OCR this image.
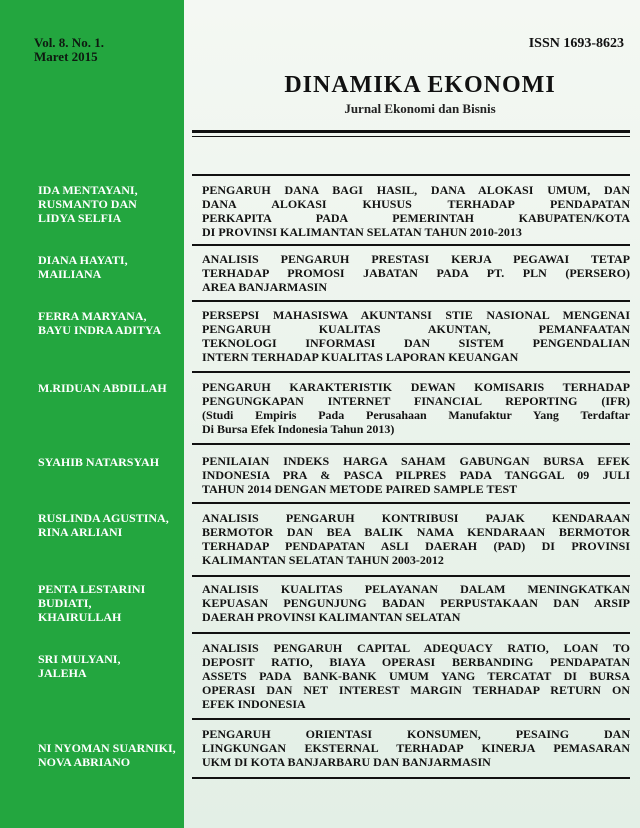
Vol. 8. No. 1.
Maret 2015
ISSN 1693-8623
DINAMIKA EKONOMI
Jurnal Ekonomi dan Bisnis
IDA MENTAYANI,
RUSMANTO DAN
LIDYA SELFIA
PENGARUH DANA BAGI HASIL, DANA ALOKASI UMUM, DAN
DANA ALOKASI KHUSUS TERHADAP PENDAPATAN
PERKAPITA PADA PEMERINTAH KABUPATEN/KOTA
DI PROVINSI KALIMANTAN SELATAN TAHUN 2010-2013
DIANA HAYATI,
MAILIANA
ANALISIS PENGARUH PRESTASI KERJA PEGAWAI TETAP
TERHADAP PROMOSI JABATAN PADA PT. PLN (PERSERO)
AREA BANJARMASIN
FERRA MARYANA,
BAYU INDRA ADITYA
PERSEPSI MAHASISWA AKUNTANSI STIE NASIONAL MENGENAI
PENGARUH KUALITAS AKUNTAN, PEMANFAATAN
TEKNOLOGI INFORMASI DAN SISTEM PENGENDALIAN
INTERN TERHADAP KUALITAS LAPORAN KEUANGAN
M.RIDUAN ABDILLAH	PENGARUH KARAKTERISTIK DEWAN KOMISARIS TERHADAP
PENGUNGKAPAN INTERNET FINANCIAL REPORTING (IFR)
(Studi Empiris Pada Perusahaan Manufaktur Yang Terdaftar
Di Bursa Efek Indonesia Tahun 2013)
SYAHIB NATARSYAH	PENILAIAN INDEKS HARGA SAHAM GABUNGAN BURSA EFEK
INDONESIA PRA & PASCA PILPRES PADA TANGGAL 09 JULI
TAHUN 2014 DENGAN METODE PAIRED SAMPLE TEST
RUSLINDA AGUSTINA,
RINA ARLIANI
ANALISIS PENGARUH KONTRIBUSI PAJAK KENDARAAN
BERMOTOR DAN BEA BALIK NAMA KENDARAAN BERMOTOR
TERHADAP PENDAPATAN ASLI DAERAH (PAD) DI PROVINSI
KALIMANTAN SELATAN TAHUN 2003-2012
PENTA LESTARINI
BUDIATI,
KHAIRULLAH
ANALISIS KUALITAS PELAYANAN DALAM MENINGKATKAN
KEPUASAN PENGUNJUNG BADAN PERPUSTAKAAN DAN ARSIP
DAERAH PROVINSI KALIMANTAN SELATAN
SRI MULYANI,
JALEHA
ANALISIS PENGARUH CAPITAL ADEQUACY RATIO, LOAN TO
DEPOSIT RATIO, BIAYA OPERASI BERBANDING PENDAPATAN
ASSETS PADA BANK-BANK UMUM YANG TERCATAT DI BURSA
OPERASI DAN NET INTEREST MARGIN TERHADAP RETURN ON
EFEK INDONESIA
NI NYOMAN SUARNIKI,
NOVA ABRIANO
PENGARUH ORIENTASI KONSUMEN, PESAING DAN
LINGKUNGAN EKSTERNAL TERHADAP KINERJA PEMASARAN
UKM DI KOTA BANJARBARU DAN BANJARMASIN
